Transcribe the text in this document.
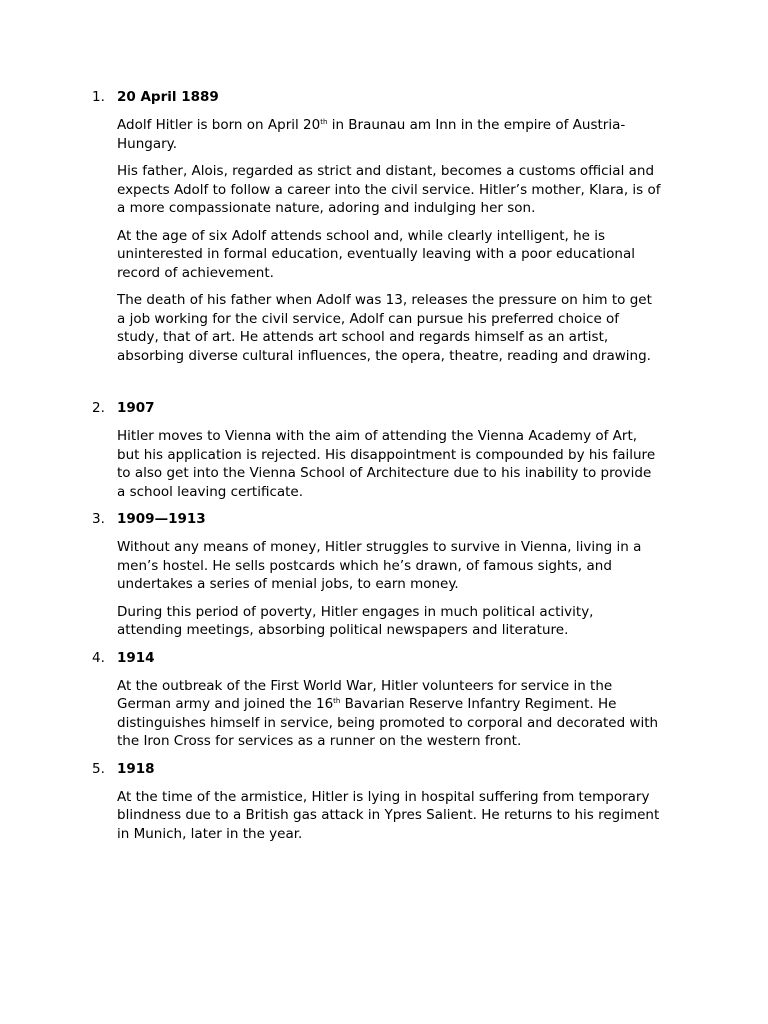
1. 20 April 1889

Adolf Hitler is born on April 20th in Braunau am Inn in the empire of Austria-Hungary.

His father, Alois, regarded as strict and distant, becomes a customs official and expects Adolf to follow a career into the civil service. Hitler’s mother, Klara, is of a more compassionate nature, adoring and indulging her son.

At the age of six Adolf attends school and, while clearly intelligent, he is uninterested in formal education, eventually leaving with a poor educational record of achievement.

The death of his father when Adolf was 13, releases the pressure on him to get a job working for the civil service, Adolf can pursue his preferred choice of study, that of art. He attends art school and regards himself as an artist, absorbing diverse cultural influences, the opera, theatre, reading and drawing.

2. 1907

Hitler moves to Vienna with the aim of attending the Vienna Academy of Art, but his application is rejected. His disappointment is compounded by his failure to also get into the Vienna School of Architecture due to his inability to provide a school leaving certificate.

3. 1909—1913

Without any means of money, Hitler struggles to survive in Vienna, living in a men’s hostel. He sells postcards which he’s drawn, of famous sights, and undertakes a series of menial jobs, to earn money.

During this period of poverty, Hitler engages in much political activity, attending meetings, absorbing political newspapers and literature.

4. 1914

At the outbreak of the First World War, Hitler volunteers for service in the German army and joined the 16th Bavarian Reserve Infantry Regiment. He distinguishes himself in service, being promoted to corporal and decorated with the Iron Cross for services as a runner on the western front.

5. 1918

At the time of the armistice, Hitler is lying in hospital suffering from temporary blindness due to a British gas attack in Ypres Salient. He returns to his regiment in Munich, later in the year.
